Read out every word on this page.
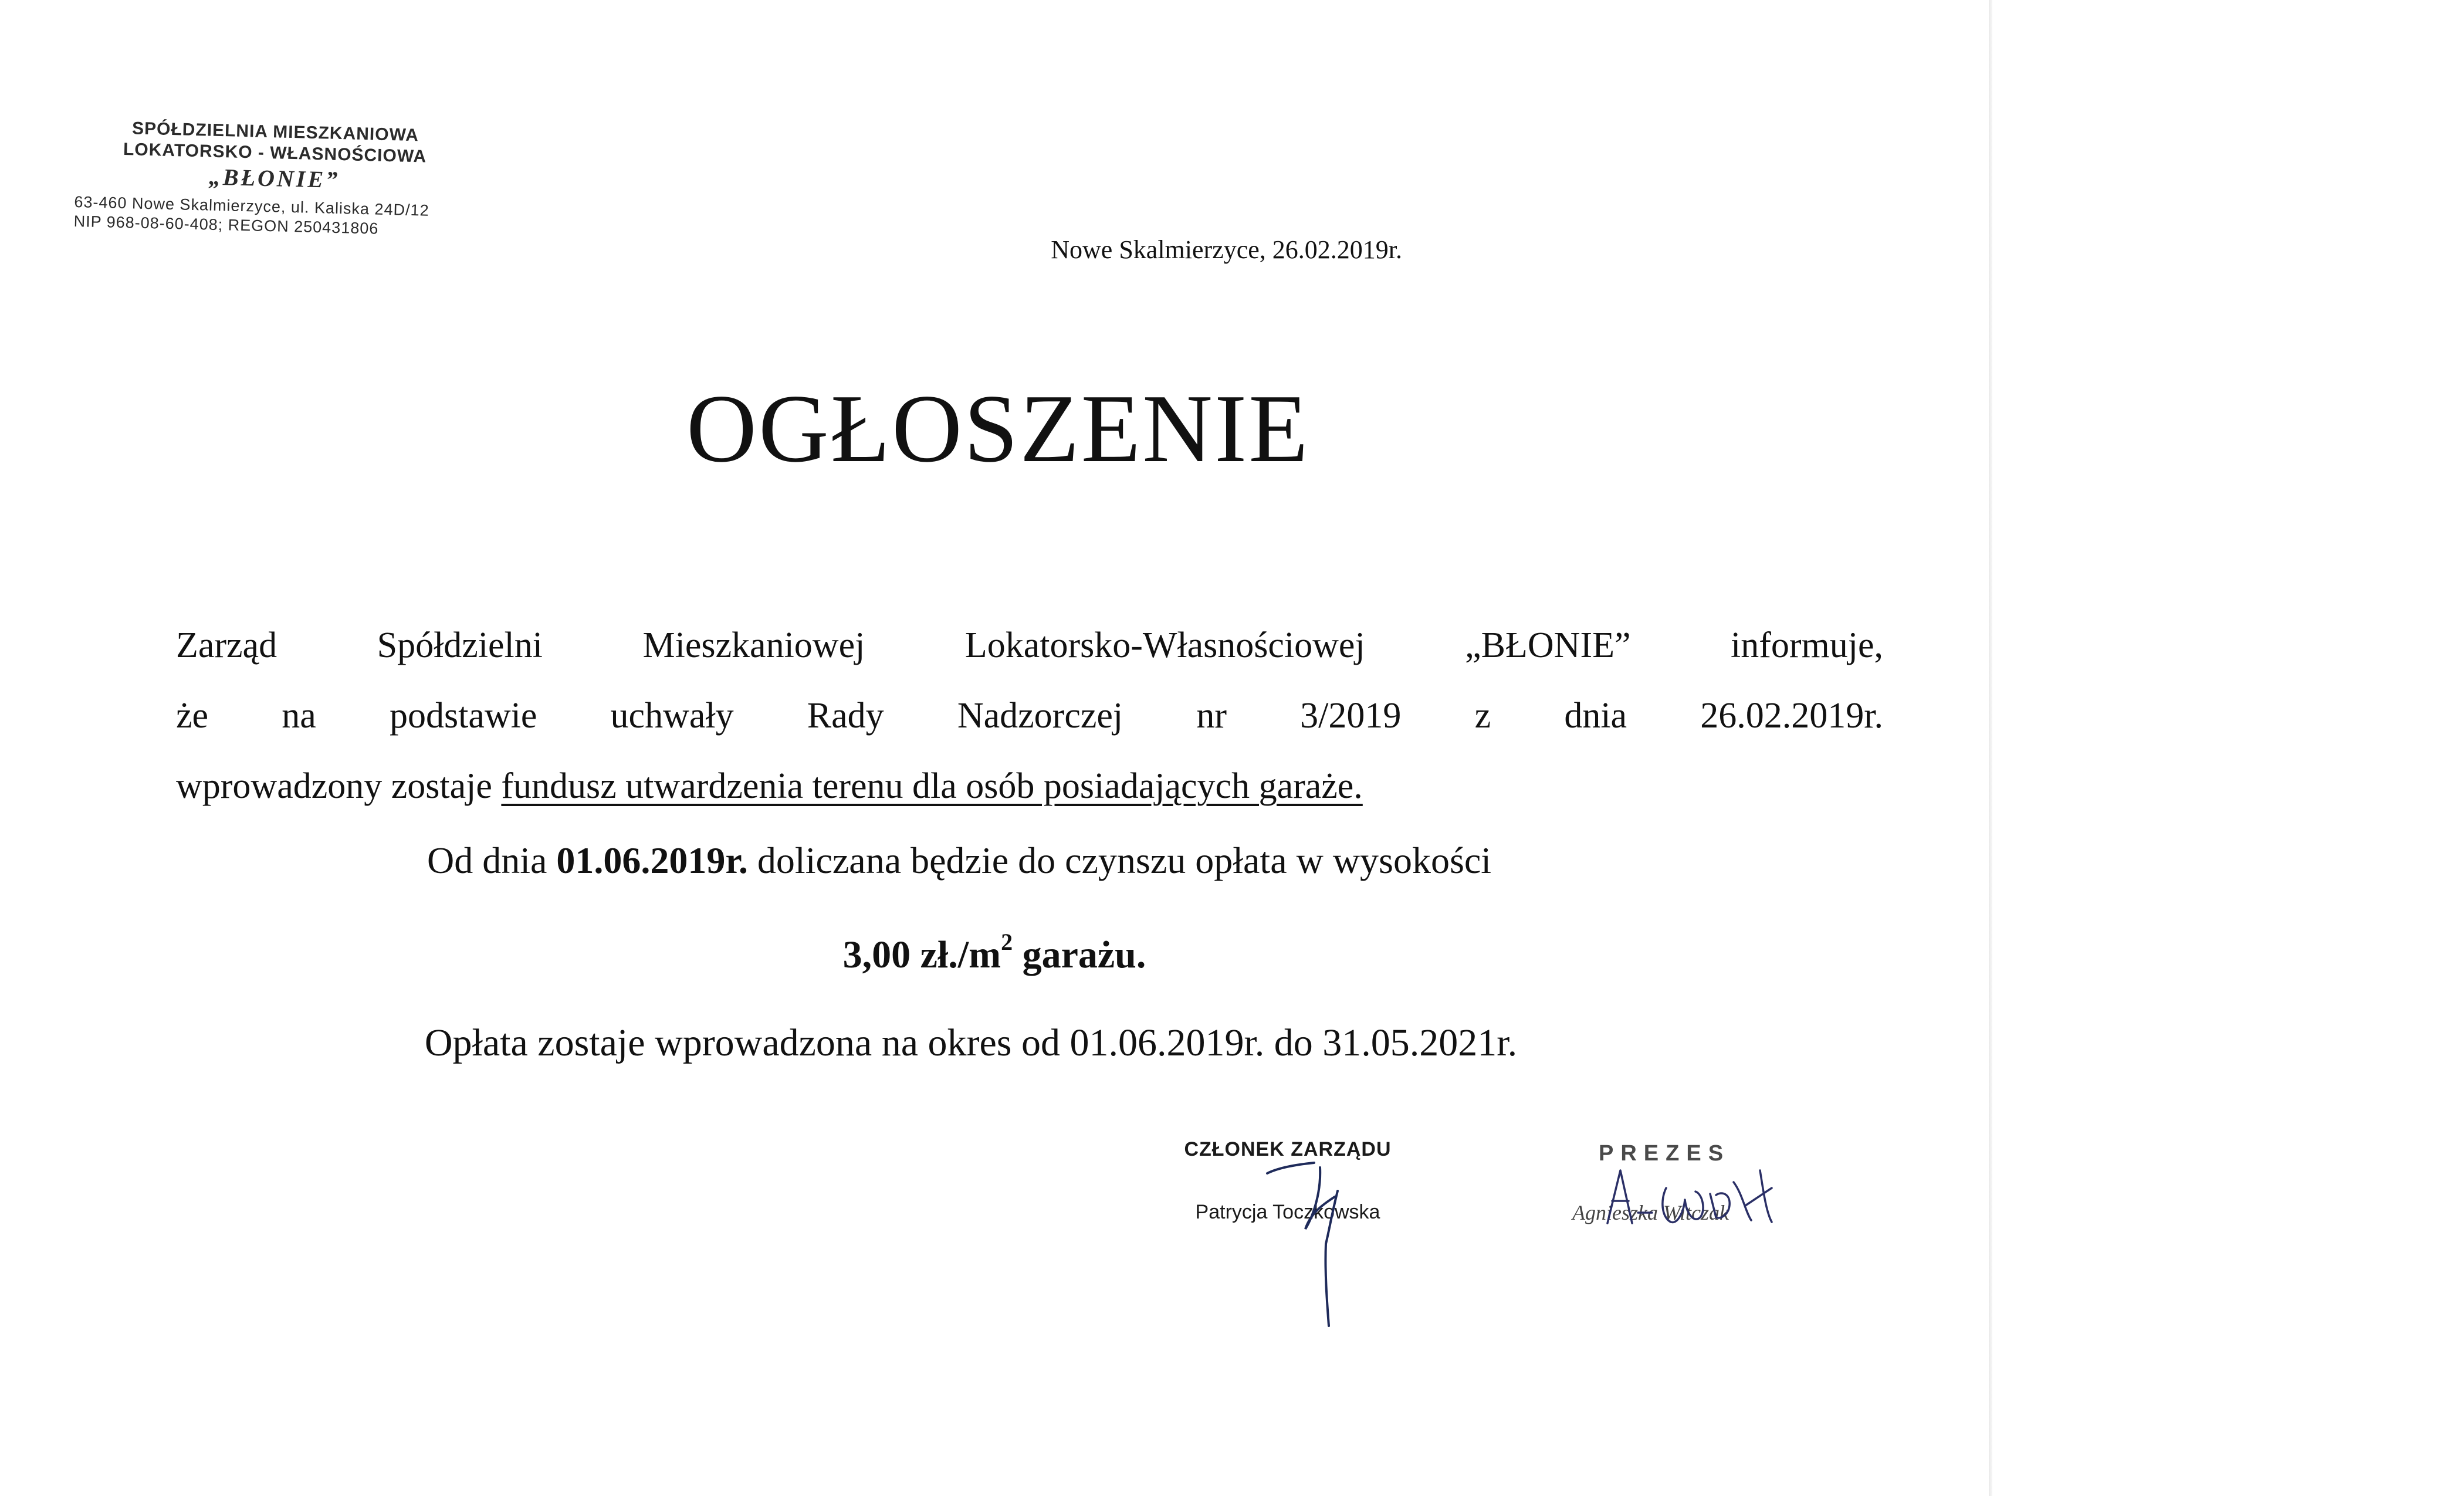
SPÓŁDZIELNIA MIESZKANIOWA
LOKATORSKO - WŁASNOŚCIOWA
„BŁONIE”
63-460 Nowe Skalmierzyce, ul. Kaliska 24D/12
NIP 968-08-60-408; REGON 250431806
Nowe Skalmierzyce, 26.02.2019r.
OGŁOSZENIE
Zarząd Spółdzielni Mieszkaniowej Lokatorsko-Własnościowej „BŁONIE” informuje,
że na podstawie uchwały Rady Nadzorczej nr 3/2019 z dnia 26.02.2019r.
wprowadzony zostaje fundusz utwardzenia terenu dla osób posiadających garaże.
Od dnia 01.06.2019r. doliczana będzie do czynszu opłata w wysokości
3,00 $zł./m^2$ garażu.
Opłata zostaje wprowadzona na okres od 01.06.2019r. do 31.05.2021r.
CZŁONEK ZARZĄDU
Patrycja Toczkowska
PREZES
Agnieszka Witczak
